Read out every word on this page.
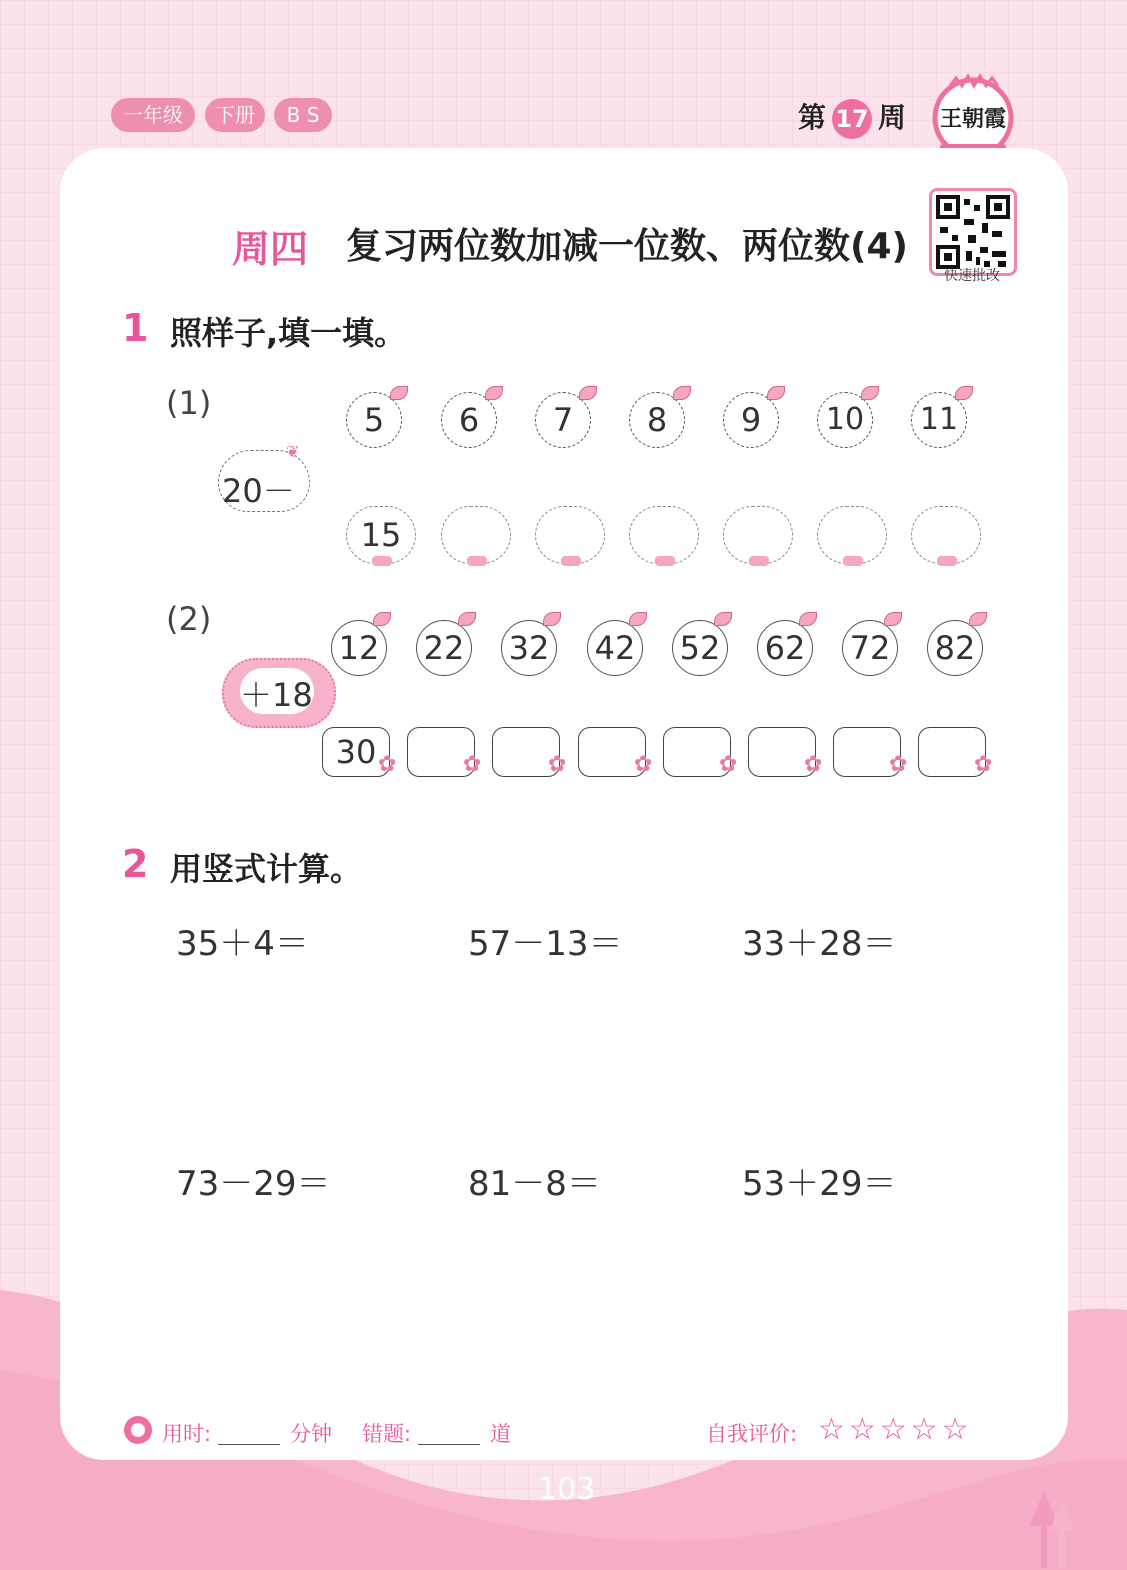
一年级	下册	B S	第 17 周 王朝霞
周四 复习两位数加减一位数、两位数(4)
快速批改
1 照样子,填一填。
(1)
20－
❦
5	6	7	8	9	10 11
15
(2)
＋18
12 22 32 42 52 62 72 82
30 ✿	✿	✿	✿	✿	✿	✿	✿
2 用竖式计算。
35＋4＝	57－13＝	33＋28＝
73－29＝	81－8＝	53＋29＝
用时:	分钟 错题:	道	自我评价: ☆☆☆☆☆
103
